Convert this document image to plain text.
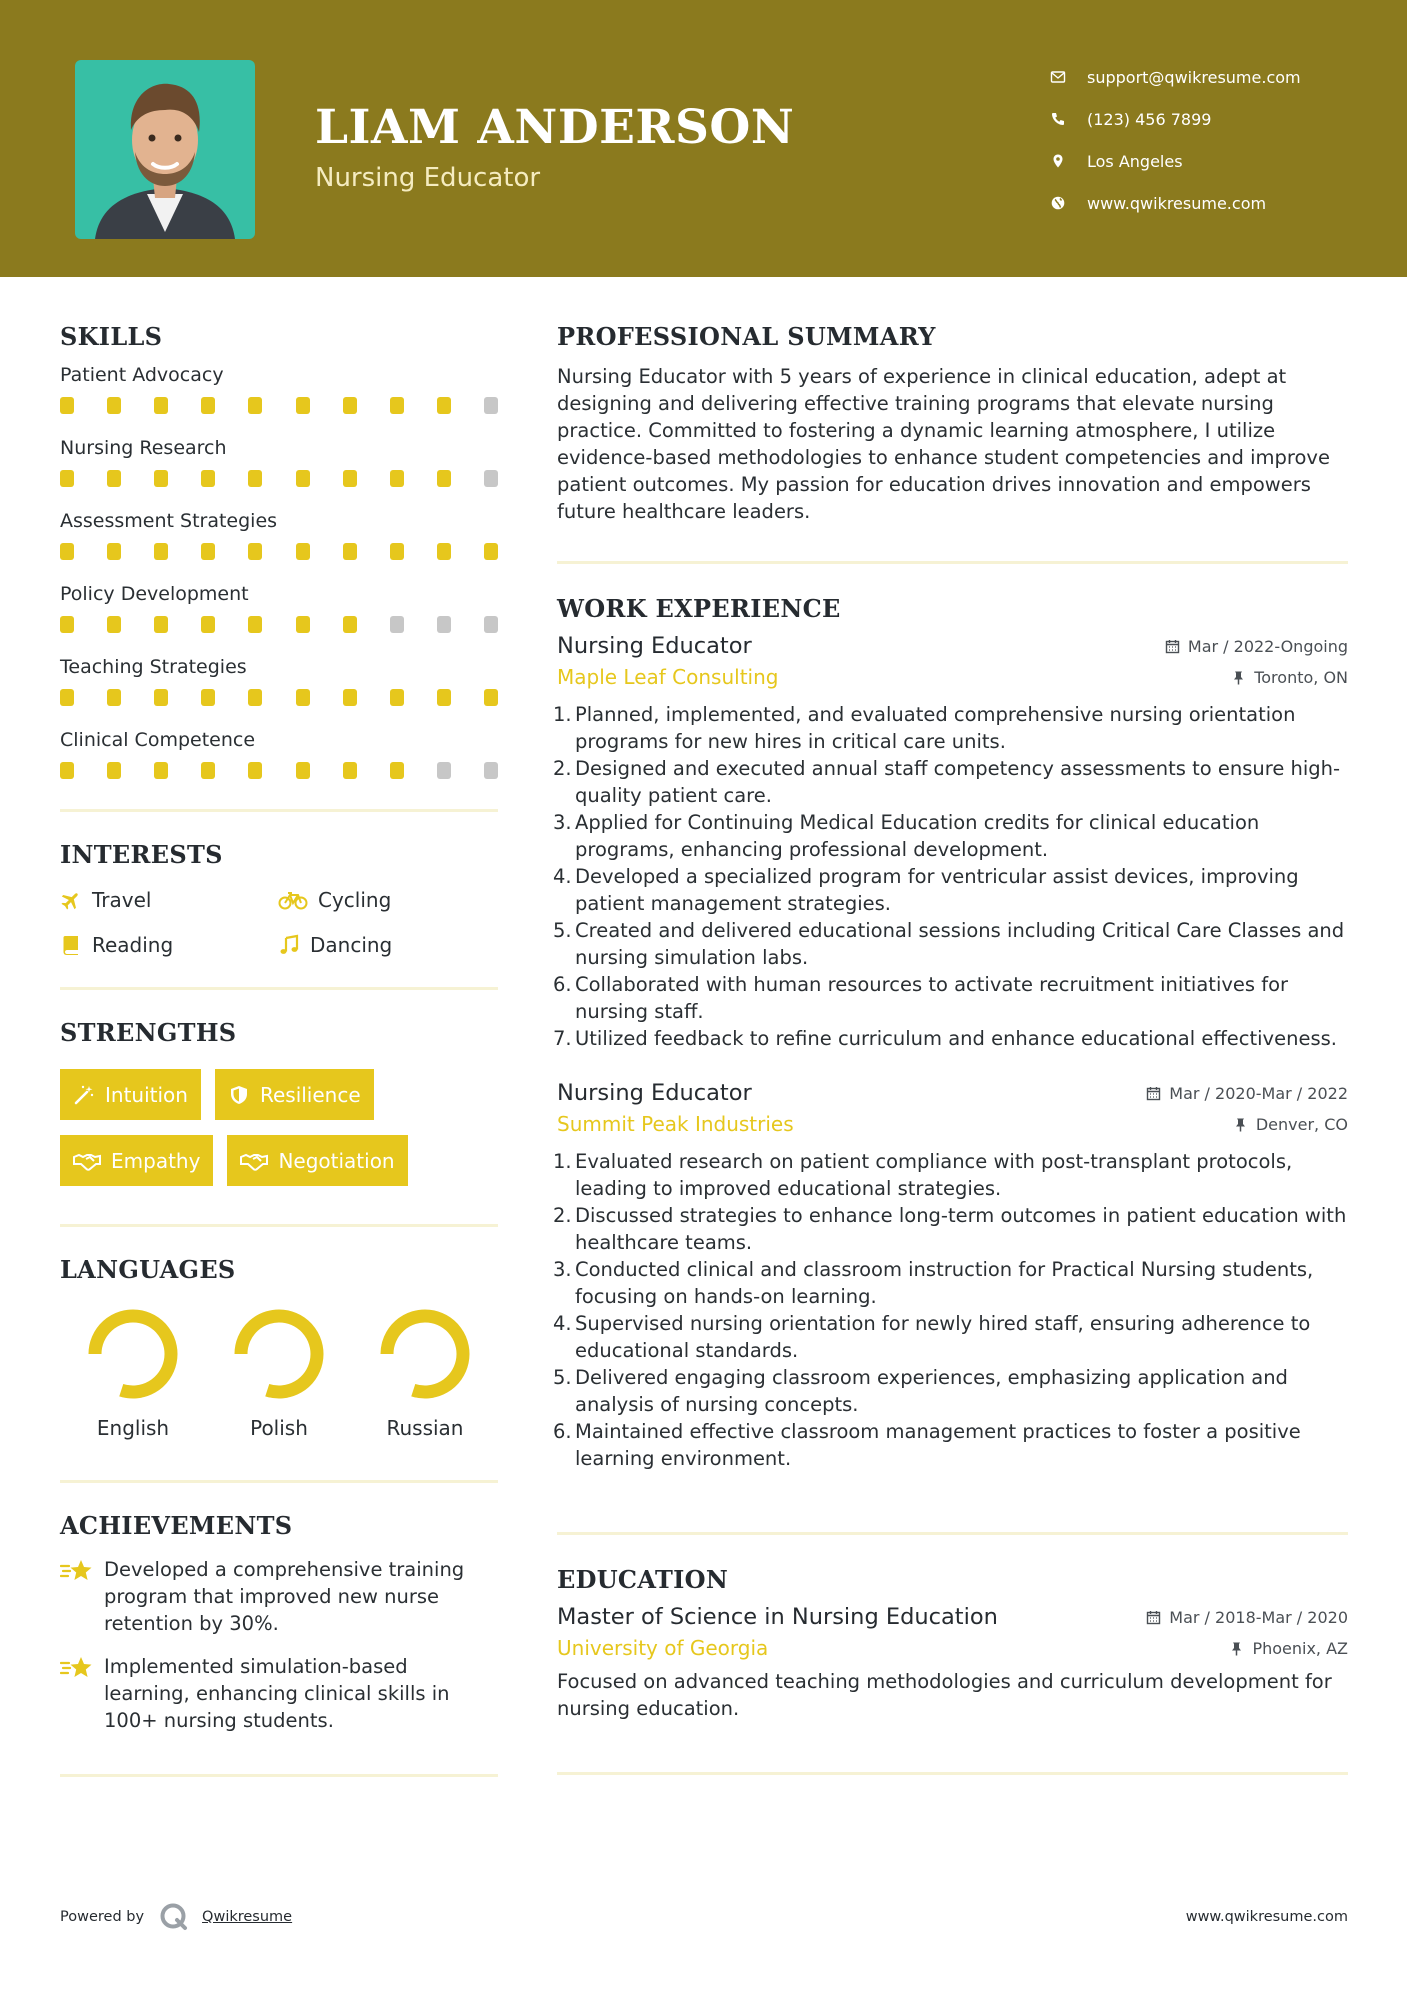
LIAM ANDERSON
Nursing Educator
support@qwikresume.com
(123) 456 7899
Los Angeles
www.qwikresume.com
SKILLS
Patient Advocacy
Nursing Research
Assessment Strategies
Policy Development
Teaching Strategies
Clinical Competence
INTERESTS
Travel	Cycling
Reading	Dancing
STRENGTHS
Intuition	Resilience
Empathy	Negotiation
LANGUAGES
English	Polish	Russian
ACHIEVEMENTS
Developed a comprehensive training program that improved new nurse retention by 30%.
Implemented simulation-based learning, enhancing clinical skills in 100+ nursing students.
PROFESSIONAL SUMMARY
Nursing Educator with 5 years of experience in clinical education, adept at designing and delivering effective training programs that elevate nursing practice. Committed to fostering a dynamic learning atmosphere, I utilize evidence-based methodologies to enhance student competencies and improve patient outcomes. My passion for education drives innovation and empowers future healthcare leaders.
WORK EXPERIENCE
Nursing Educator	Mar / 2022-Ongoing
Maple Leaf Consulting	Toronto, ON
1. Planned, implemented, and evaluated comprehensive nursing orientation programs for new hires in critical care units.
2. Designed and executed annual staff competency assessments to ensure high-quality patient care.
3. Applied for Continuing Medical Education credits for clinical education programs, enhancing professional development.
4. Developed a specialized program for ventricular assist devices, improving patient management strategies.
5. Created and delivered educational sessions including Critical Care Classes and nursing simulation labs.
6. Collaborated with human resources to activate recruitment initiatives for nursing staff.
7. Utilized feedback to refine curriculum and enhance educational effectiveness.
Nursing Educator	Mar / 2020-Mar / 2022
Summit Peak Industries	Denver, CO
1. Evaluated research on patient compliance with post-transplant protocols, leading to improved educational strategies.
2. Discussed strategies to enhance long-term outcomes in patient education with healthcare teams.
3. Conducted clinical and classroom instruction for Practical Nursing students, focusing on hands-on learning.
4. Supervised nursing orientation for newly hired staff, ensuring adherence to educational standards.
5. Delivered engaging classroom experiences, emphasizing application and analysis of nursing concepts.
6. Maintained effective classroom management practices to foster a positive learning environment.
EDUCATION
Master of Science in Nursing Education	Mar / 2018-Mar / 2020
University of Georgia	Phoenix, AZ
Focused on advanced teaching methodologies and curriculum development for nursing education.
Powered by	Qwikresume	www.qwikresume.com
